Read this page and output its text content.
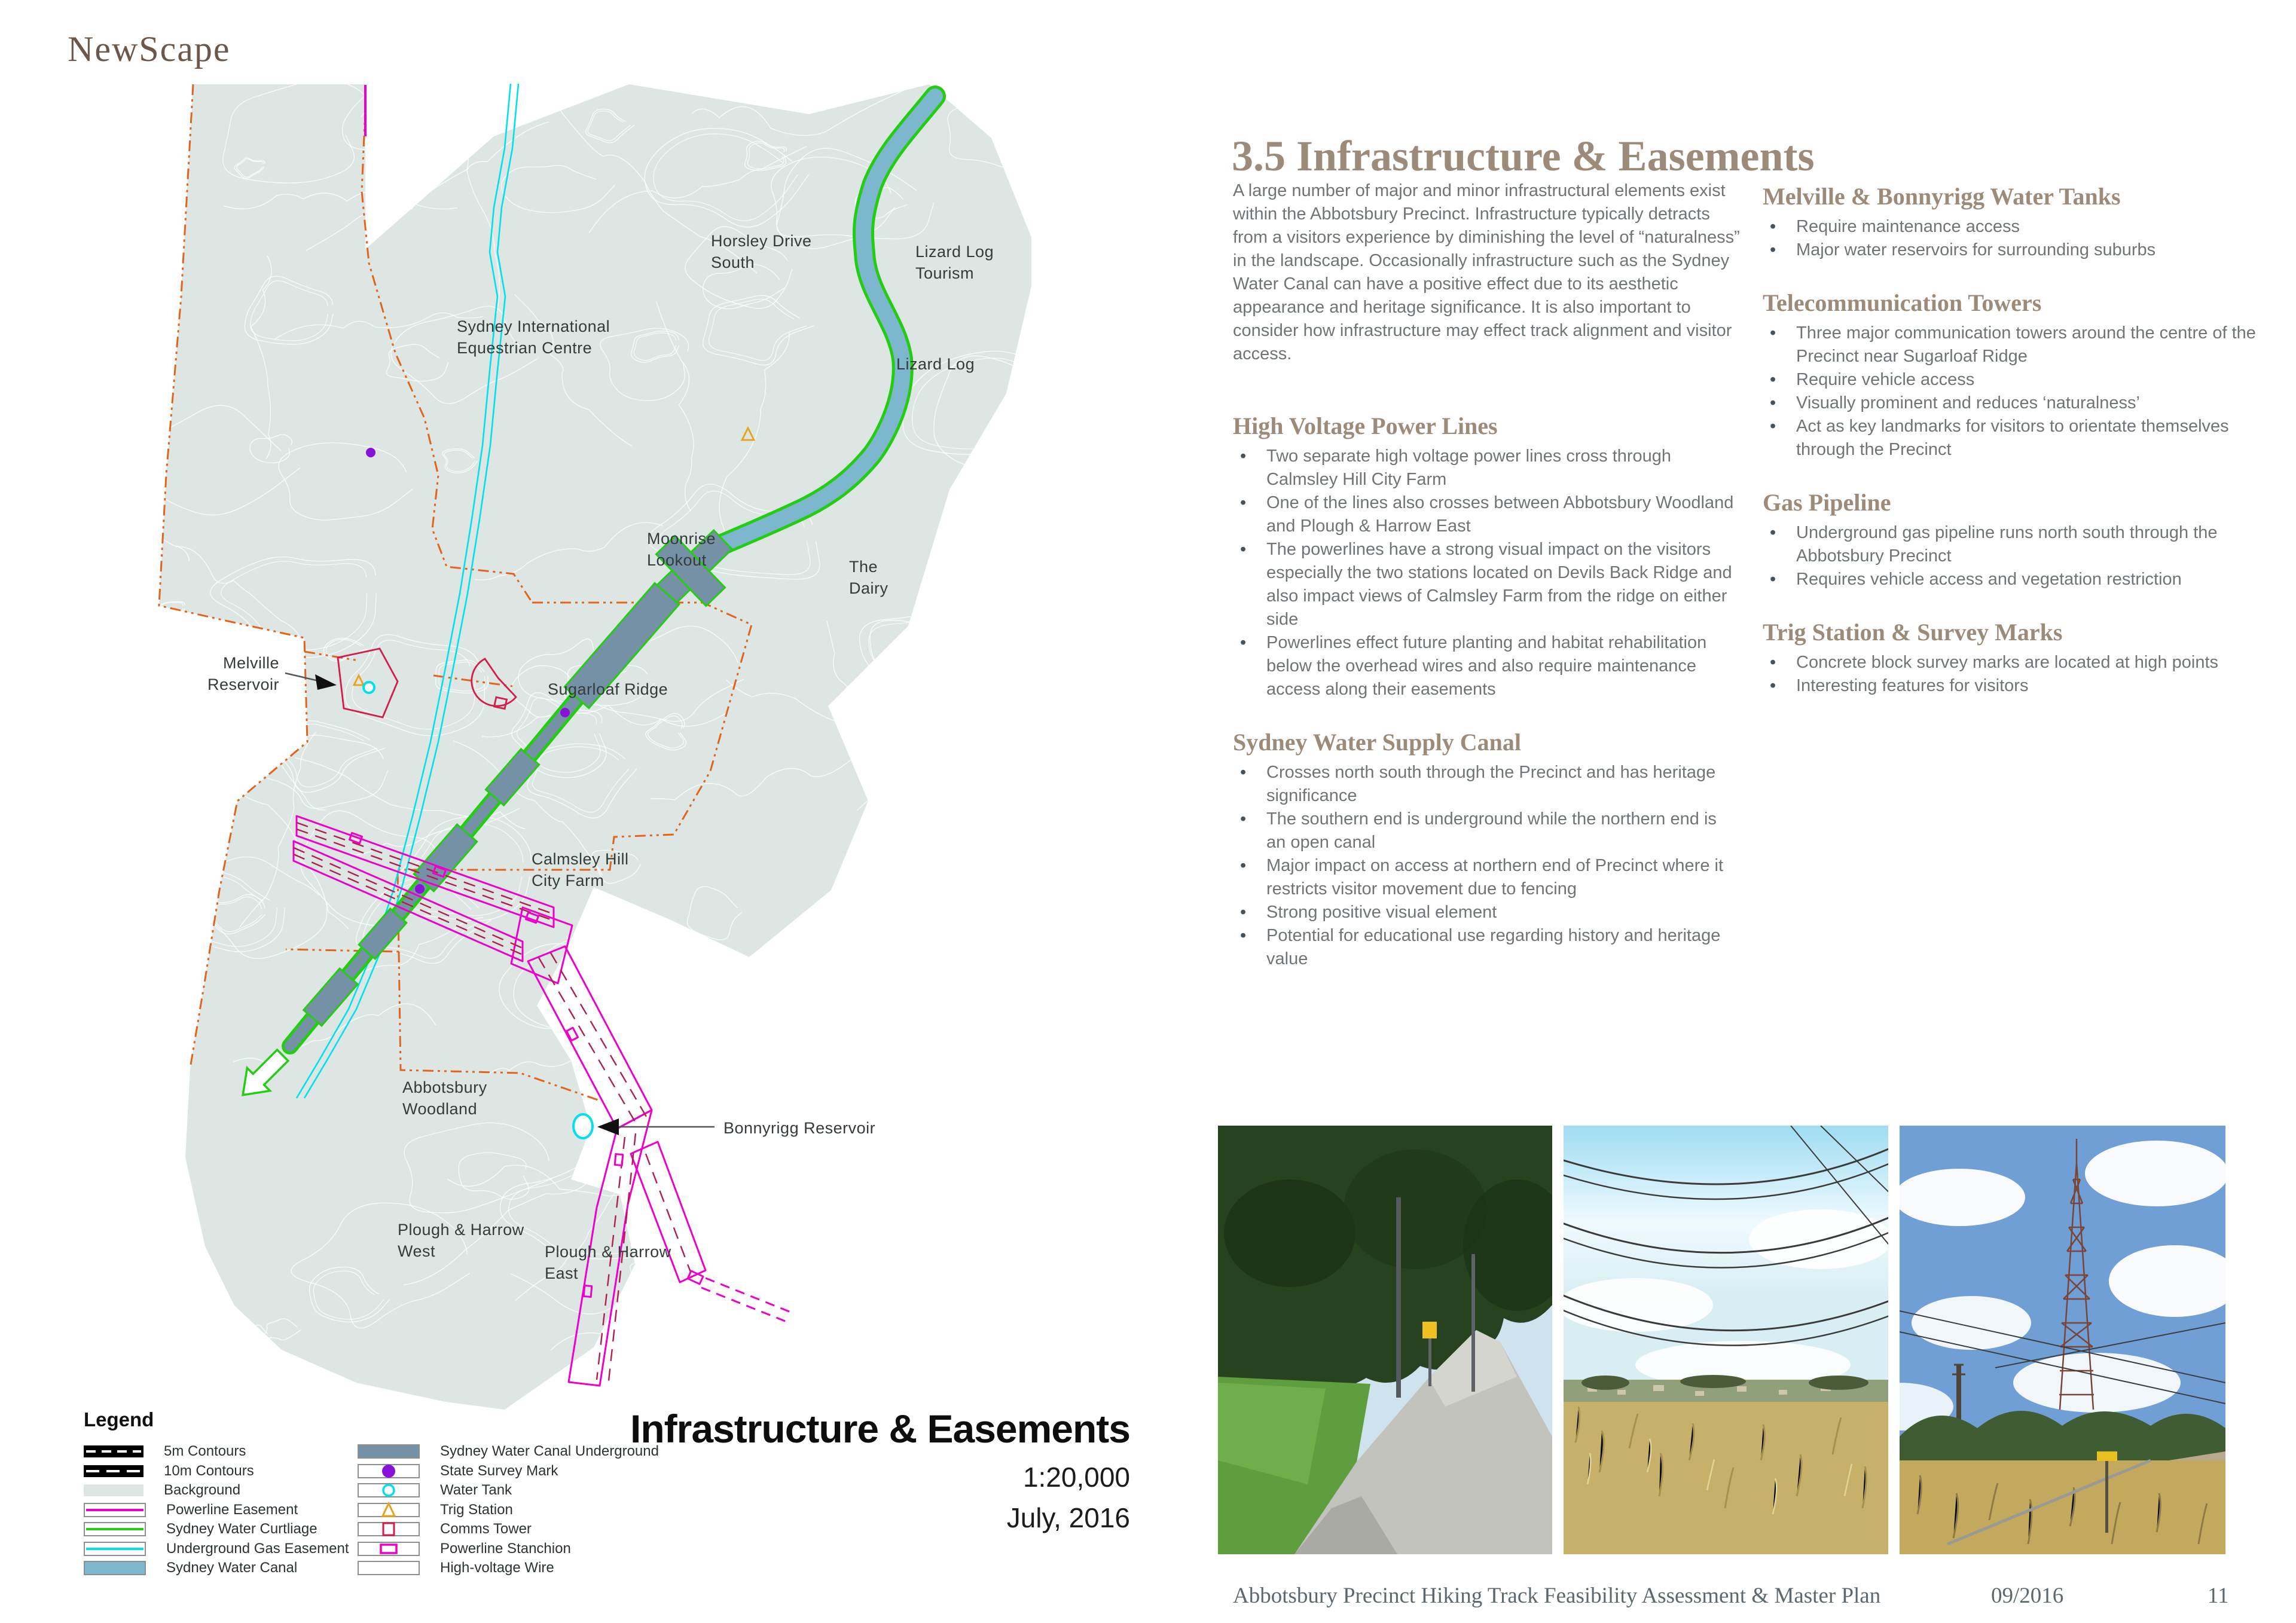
NewScape
Horsley Drive South
Lizard Log Tourism
Sydney International Equestrian Centre
Lizard Log
Moonrise Lookout	The Dairy
Melville Reservoir	Sugarloaf Ridge
Calmsley Hill City Farm
Abbotsbury Woodland
Bonnyrigg Reservoir
Plough & Harrow West	Plough & Harrow East
3.5 Infrastructure & Easements

A large number of major and minor infrastructural elements exist within the Abbotsbury Precinct. Infrastructure typically detracts from a visitors experience by diminishing the level of “naturalness” in the landscape. Occasionally infrastructure such as the Sydney Water Canal can have a positive effect due to its aesthetic appearance and heritage significance. It is also important to consider how infrastructure may effect track alignment and visitor access.

High Voltage Power Lines
• Two separate high voltage power lines cross through Calmsley Hill City Farm
• One of the lines also crosses between Abbotsbury Woodland and Plough & Harrow East
• The powerlines have a strong visual impact on the visitors especially the two stations located on Devils Back Ridge and also impact views of Calmsley Farm from the ridge on either side
• Powerlines effect future planting and habitat rehabilitation below the overhead wires and also require maintenance access along their easements
Sydney Water Supply Canal
• Crosses north south through the Precinct and has heritage significance
• The southern end is underground while the northern end is an open canal
• Major impact on access at northern end of Precinct where it restricts visitor movement due to fencing
• Strong positive visual element
• Potential for educational use regarding history and heritage value
Melville & Bonnyrigg Water Tanks
• Require maintenance access
• Major water reservoirs for surrounding suburbs
Telecommunication Towers
• Three major communication towers around the centre of the Precinct near Sugarloaf Ridge
• Require vehicle access
• Visually prominent and reduces ‘naturalness’
• Act as key landmarks for visitors to orientate themselves through the Precinct
Gas Pipeline
• Underground gas pipeline runs north south through the Abbotsbury Precinct
• Requires vehicle access and vegetation restriction
Trig Station & Survey Marks
• Concrete block survey marks are located at high points
• Interesting features for visitors
Legend
5m Contours
10m Contours
Background
Powerline Easement
Sydney Water Curtliage
Underground Gas Easement
Sydney Water Canal
Sydney Water Canal Underground
State Survey Mark
Water Tank
Trig Station
Comms Tower
Powerline Stanchion
High-voltage Wire
Infrastructure & Easements
1:20,000
July, 2016
Abbotsbury Precinct Hiking Track Feasibility Assessment & Master Plan	09/2016	11
